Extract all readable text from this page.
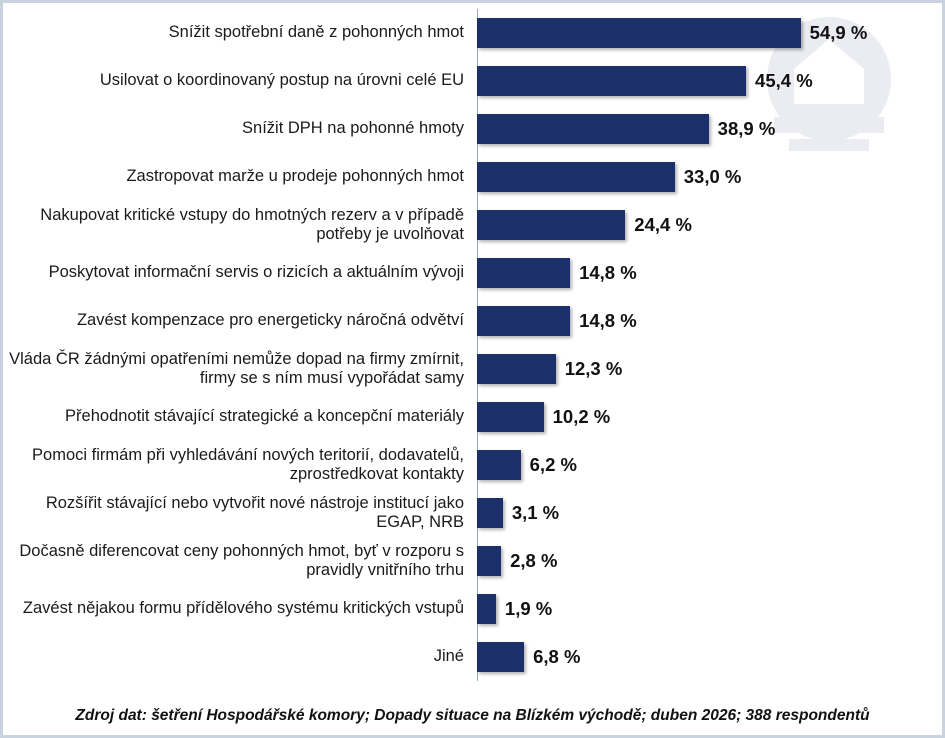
Snížit spotřební daně z pohonných hmot	54,9 %
Usilovat o koordinovaný postup na úrovni celé EU	45,4 %
Snížit DPH na pohonné hmoty	38,9 %
Zastropovat marže u prodeje pohonných hmot	33,0 %
Nakupovat kritické vstupy do hmotných rezerv a v případě potřeby je uvolňovat	24,4 %
Poskytovat informační servis o rizicích a aktuálním vývoji	14,8 %
Zavést kompenzace pro energeticky náročná odvětví	14,8 %
Vláda ČR žádnými opatřeními nemůže dopad na firmy zmírnit, firmy se s ním musí vypořádat samy	12,3 %
Přehodnotit stávající strategické a koncepční materiály	10,2 %
Pomoci firmám při vyhledávání nových teritorií, dodavatelů, zprostředkovat kontakty	6,2 %
Rozšířit stávající nebo vytvořit nové nástroje institucí jako EGAP, NRB	3,1 %
Dočasně diferencovat ceny pohonných hmot, byť v rozporu s pravidly vnitřního trhu	2,8 %
Zavést nějakou formu přídělového systému kritických vstupů	1,9 %
Jiné	6,8 %
Zdroj dat: šetření Hospodářské komory; Dopady situace na Blízkém východě; duben 2026; 388 respondentů
